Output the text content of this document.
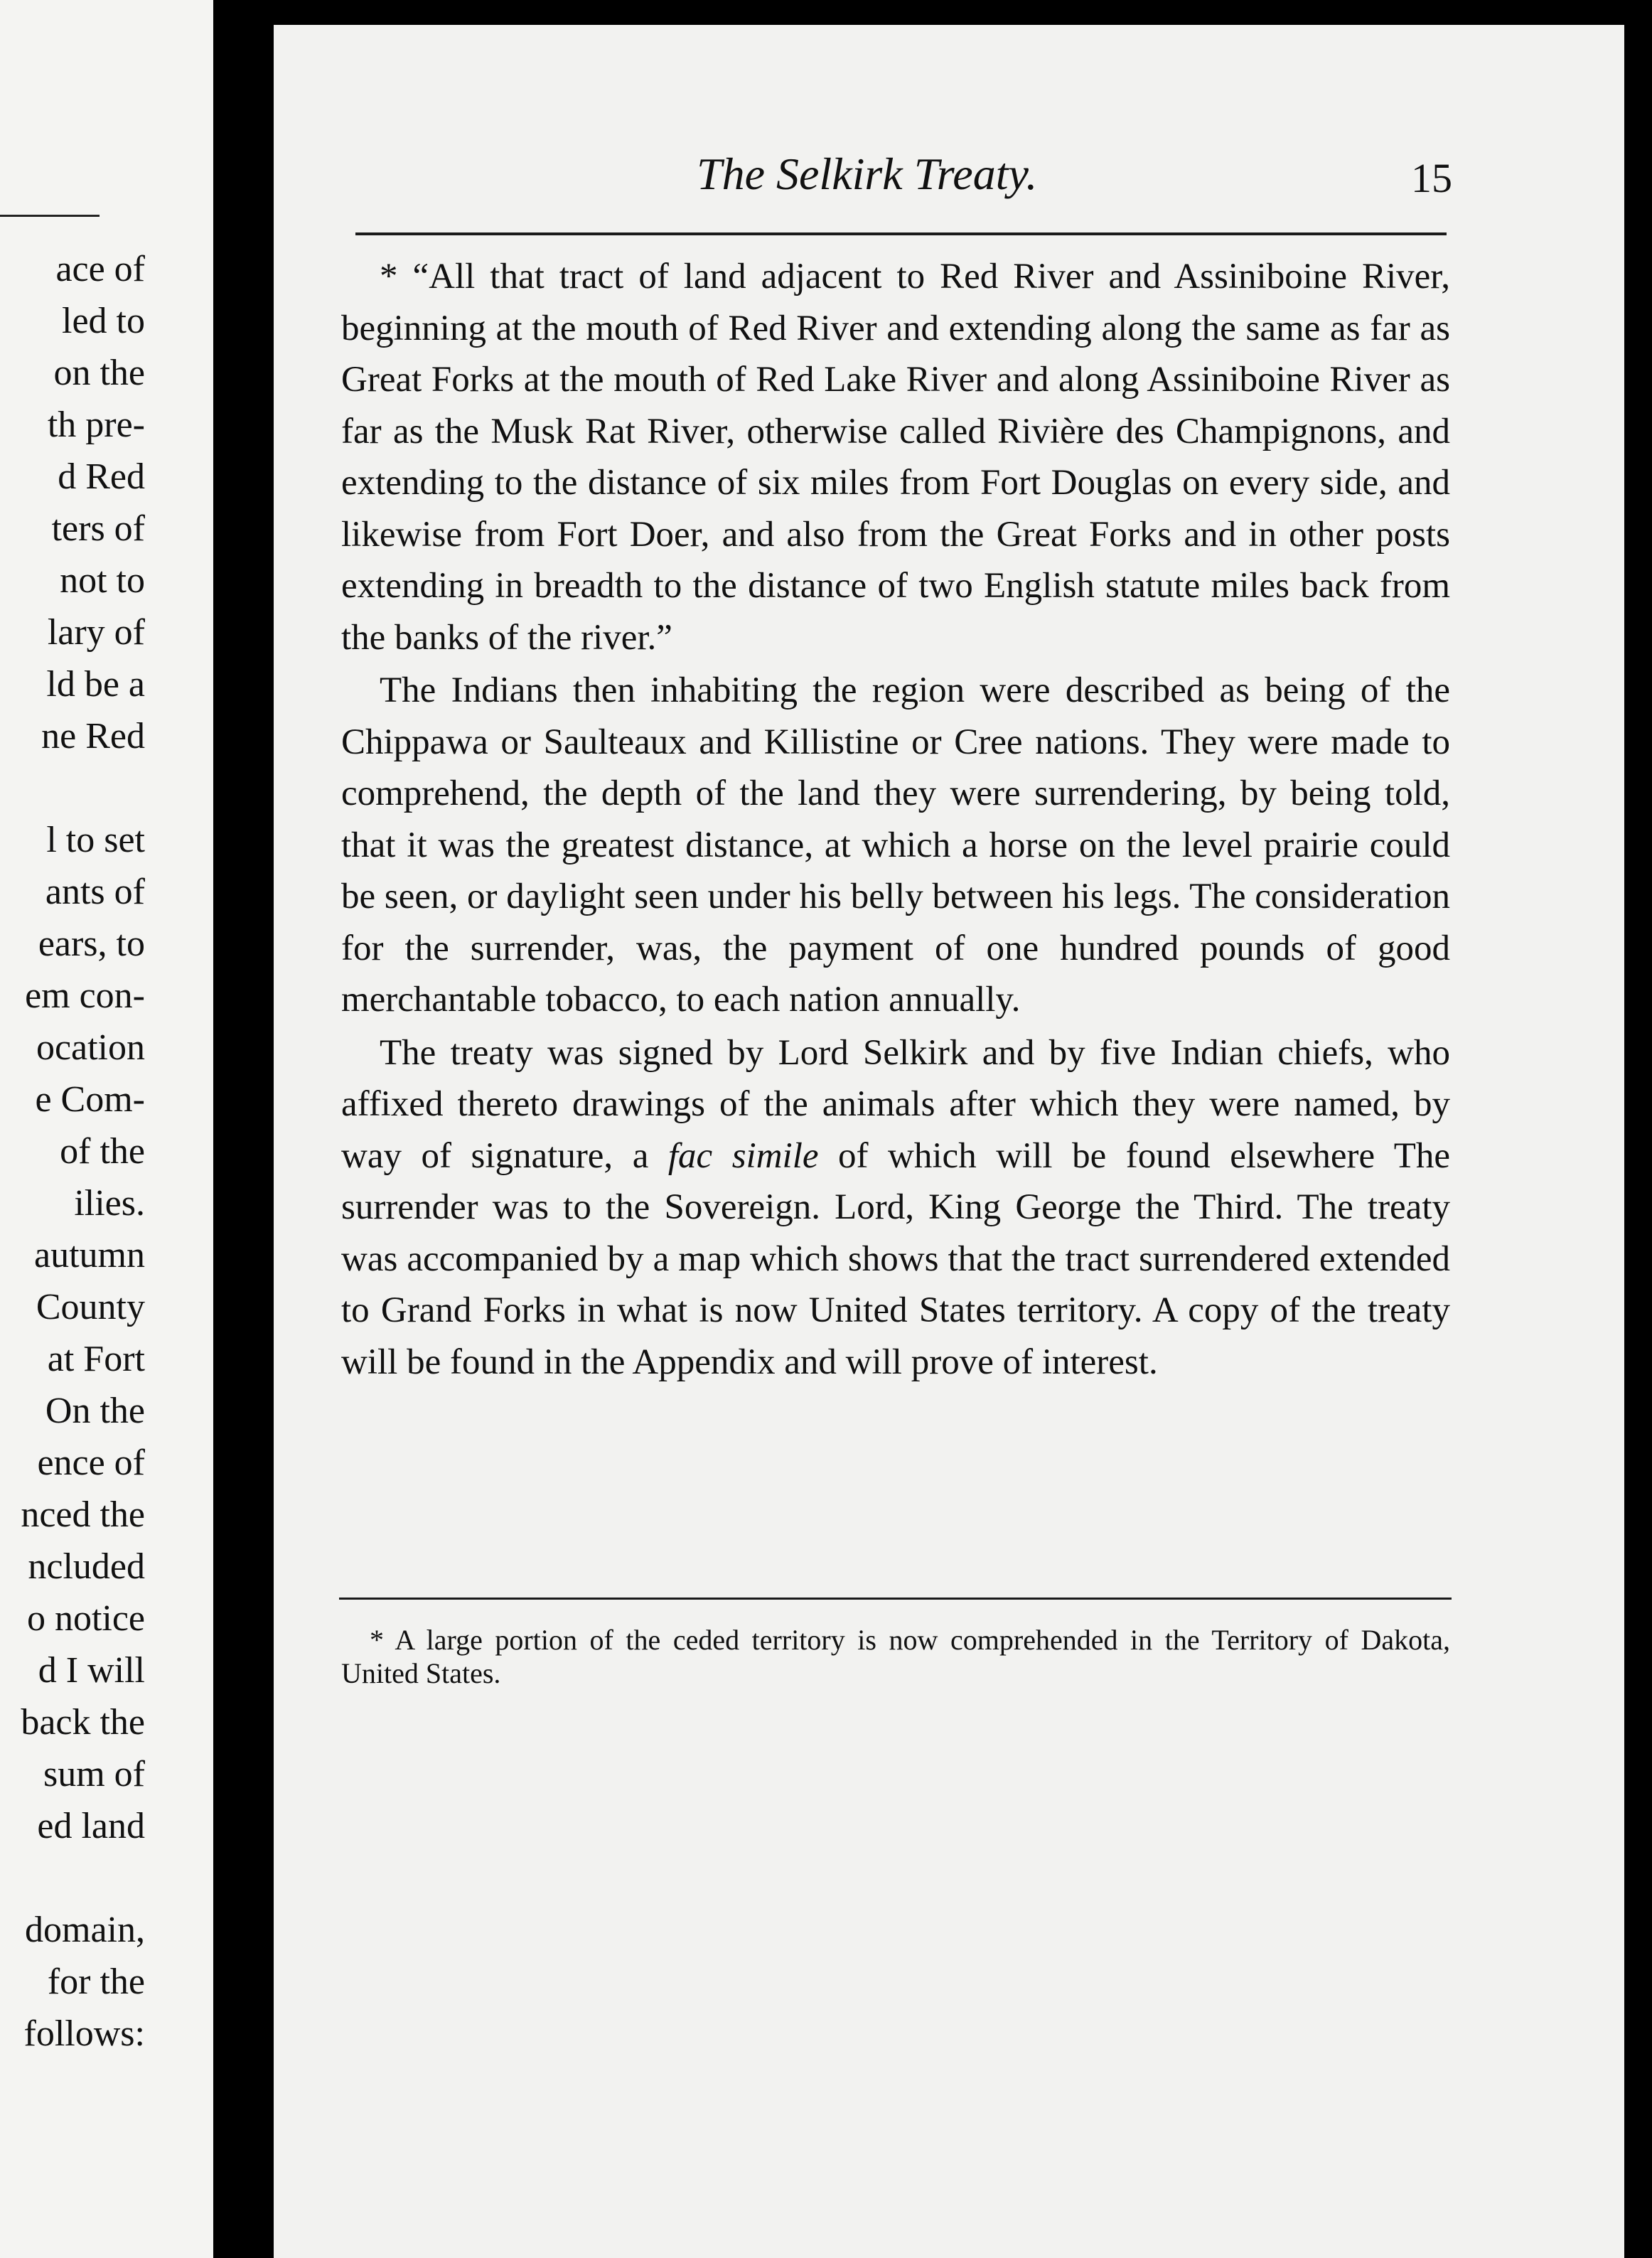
ace of
led to
on the
th pre-
d Red
ters of
not to
lary of
ld be a
ne Red
l to set
ants of
ears, to
em con-
ocation
e Com-
of the
ilies.
autumn
County
at Fort
On the
ence of
nced the
ncluded
o notice
d I will
back the
sum of
ed land
domain,
for the
follows:
The Selkirk Treaty.	15

* “All that tract of land adjacent to Red River and Assiniboine River, beginning at the mouth of Red River and extending along the same as far as Great Forks at the mouth of Red Lake River and along Assiniboine River as far as the Musk Rat River, otherwise called Rivière des Champignons, and extending to the distance of six miles from Fort Douglas on every side, and likewise from Fort Doer, and also from the Great Forks and in other posts extending in breadth to the distance of two English statute miles back from the banks of the river.”

The Indians then inhabiting the region were described as being of the Chippawa or Saulteaux and Killistine or Cree nations. They were made to comprehend, the depth of the land they were surrendering, by being told, that it was the greatest distance, at which a horse on the level prairie could be seen, or daylight seen under his belly between his legs. The consideration for the surrender, was, the payment of one hundred pounds of good merchantable tobacco, to each nation annually.

The treaty was signed by Lord Selkirk and by five Indian chiefs, who affixed thereto drawings of the animals after which they were named, by way of signature, a fac simile of which will be found elsewhere The surrender was to the Sovereign. Lord, King George the Third. The treaty was accompanied by a map which shows that the tract surrendered extended to Grand Forks in what is now United States territory. A copy of the treaty will be found in the Appendix and will prove of interest.

* A large portion of the ceded territory is now comprehended in the Territory of Dakota, United States.
